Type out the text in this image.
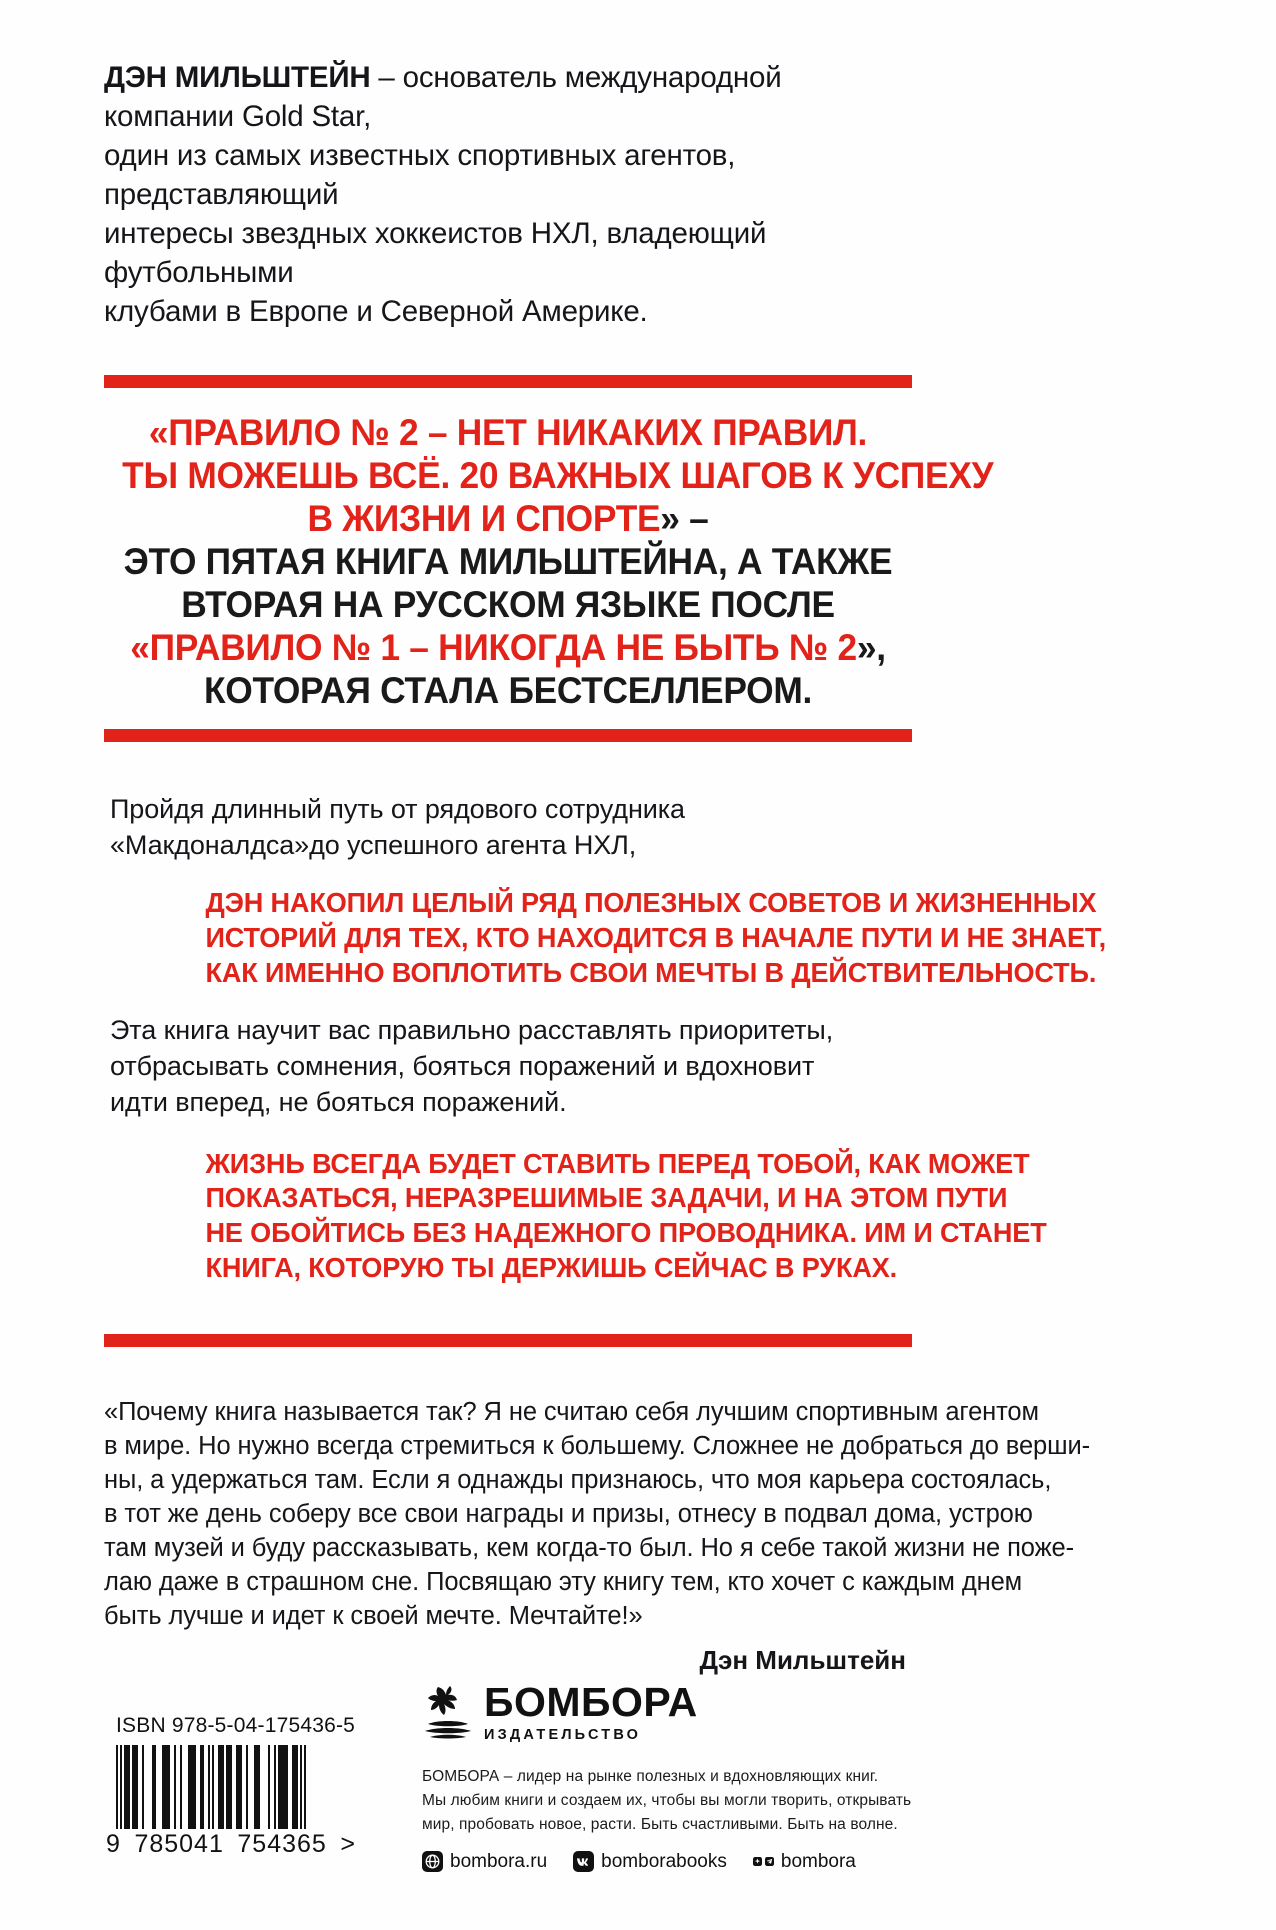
ДЭН МИЛЬШТЕЙН – основатель международной компании Gold Star,
один из самых известных спортивных агентов, представляющий
интересы звездных хоккеистов НХЛ, владеющий футбольными
клубами в Европе и Северной Америке.
«ПРАВИЛО № 2 – НЕТ НИКАКИХ ПРАВИЛ.
ТЫ МОЖЕШЬ ВСЁ. 20 ВАЖНЫХ ШАГОВ К УСПЕХУ
В ЖИЗНИ И СПОРТЕ» –
ЭТО ПЯТАЯ КНИГА МИЛЬШТЕЙНА, А ТАКЖЕ
ВТОРАЯ НА РУССКОМ ЯЗЫКЕ ПОСЛЕ
«ПРАВИЛО № 1 – НИКОГДА НЕ БЫТЬ № 2»,
КОТОРАЯ СТАЛА БЕСТСЕЛЛЕРОМ.
Пройдя длинный путь от рядового сотрудника
«Макдоналдса»до успешного агента НХЛ,
ДЭН НАКОПИЛ ЦЕЛЫЙ РЯД ПОЛЕЗНЫХ СОВЕТОВ И ЖИЗНЕННЫХ
ИСТОРИЙ ДЛЯ ТЕХ, КТО НАХОДИТСЯ В НАЧАЛЕ ПУТИ И НЕ ЗНАЕТ,
КАК ИМЕННО ВОПЛОТИТЬ СВОИ МЕЧТЫ В ДЕЙСТВИТЕЛЬНОСТЬ.
Эта книга научит вас правильно расставлять приоритеты,
отбрасывать сомнения, бояться поражений и вдохновит
идти вперед, не бояться поражений.
ЖИЗНЬ ВСЕГДА БУДЕТ СТАВИТЬ ПЕРЕД ТОБОЙ, КАК МОЖЕТ
ПОКАЗАТЬСЯ, НЕРАЗРЕШИМЫЕ ЗАДАЧИ, И НА ЭТОМ ПУТИ
НЕ ОБОЙТИСЬ БЕЗ НАДЕЖНОГО ПРОВОДНИКА. ИМ И СТАНЕТ
КНИГА, КОТОРУЮ ТЫ ДЕРЖИШЬ СЕЙЧАС В РУКАХ.
«Почему книга называется так? Я не считаю себя лучшим спортивным агентом
в мире. Но нужно всегда стремиться к большему. Сложнее не добраться до верши-
ны, а удержаться там. Если я однажды признаюсь, что моя карьера состоялась,
в тот же день соберу все свои награды и призы, отнесу в подвал дома, устрою
там музей и буду рассказывать, кем когда-то был. Но я себе такой жизни не поже-
лаю даже в страшном сне. Посвящаю эту книгу тем, кто хочет с каждым днем
быть лучше и идет к своей мечте. Мечтайте!»
Дэн Мильштейн
ISBN 978-5-04-175436-5
9 785041 754365 >
БОМБОРА
ИЗДАТЕЛЬСТВО
БОМБОРА – лидер на рынке полезных и вдохновляющих книг.
Мы любим книги и создаем их, чтобы вы могли творить, открывать
мир, пробовать новое, расти. Быть счастливыми. Быть на волне.
bombora.ru	bomborabooks	bombora
